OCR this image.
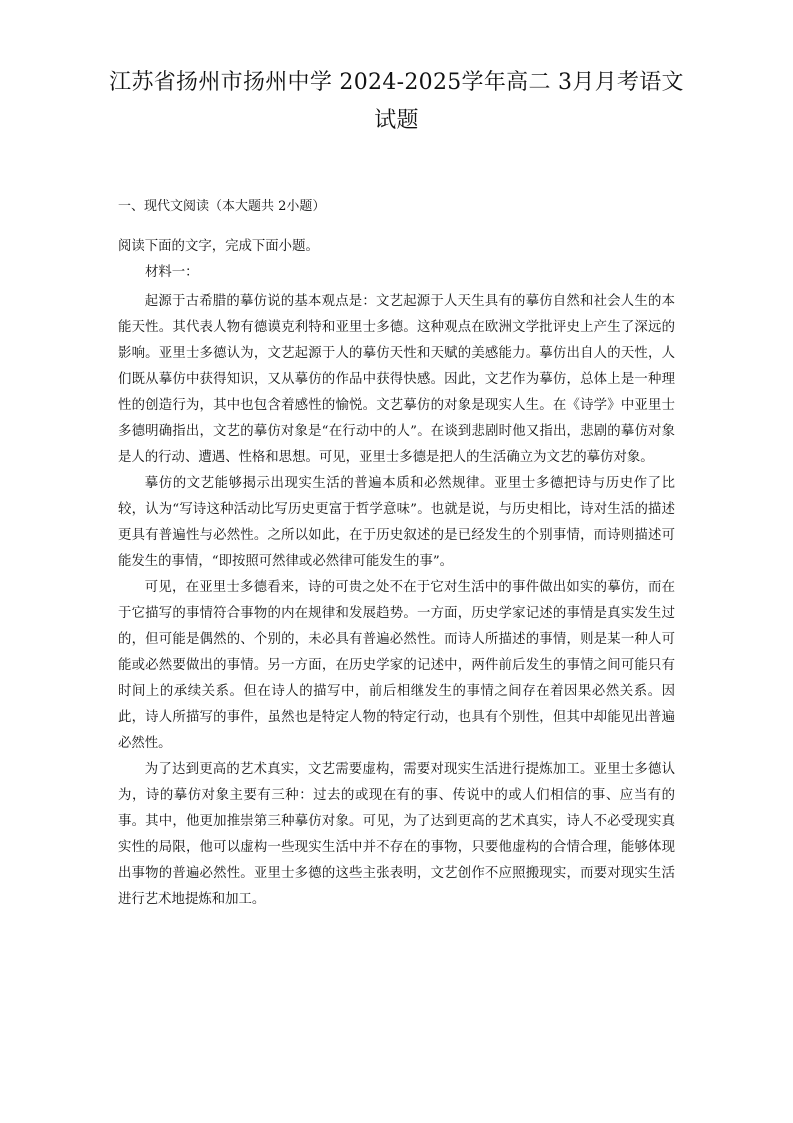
江苏省扬州市扬州中学 2024-2025学年高二 3月月考语文试题

一、现代文阅读（本大题共 2小题）

阅读下面的文字，完成下面小题。

材料一：

起源于古希腊的摹仿说的基本观点是：文艺起源于人天生具有的摹仿自然和社会人生的本能天性。其代表人物有德谟克利特和亚里士多德。这种观点在欧洲文学批评史上产生了深远的影响。亚里士多德认为，文艺起源于人的摹仿天性和天赋的美感能力。摹仿出自人的天性，人们既从摹仿中获得知识，又从摹仿的作品中获得快感。因此，文艺作为摹仿，总体上是一种理性的创造行为，其中也包含着感性的愉悦。文艺摹仿的对象是现实人生。在《诗学》中亚里士多德明确指出，文艺的摹仿对象是“在行动中的人”。在谈到悲剧时他又指出，悲剧的摹仿对象是人的行动、遭遇、性格和思想。可见，亚里士多德是把人的生活确立为文艺的摹仿对象。

摹仿的文艺能够揭示出现实生活的普遍本质和必然规律。亚里士多德把诗与历史作了比较，认为“写诗这种活动比写历史更富于哲学意味”。也就是说，与历史相比，诗对生活的描述更具有普遍性与必然性。之所以如此，在于历史叙述的是已经发生的个别事情，而诗则描述可能发生的事情，“即按照可然律或必然律可能发生的事”。

可见，在亚里士多德看来，诗的可贵之处不在于它对生活中的事件做出如实的摹仿，而在于它描写的事情符合事物的内在规律和发展趋势。一方面，历史学家记述的事情是真实发生过的，但可能是偶然的、个别的，未必具有普遍必然性。而诗人所描述的事情，则是某一种人可能或必然要做出的事情。另一方面，在历史学家的记述中，两件前后发生的事情之间可能只有时间上的承续关系。但在诗人的描写中，前后相继发生的事情之间存在着因果必然关系。因此，诗人所描写的事件，虽然也是特定人物的特定行动，也具有个别性，但其中却能见出普遍必然性。

为了达到更高的艺术真实，文艺需要虚构，需要对现实生活进行提炼加工。亚里士多德认为，诗的摹仿对象主要有三种：过去的或现在有的事、传说中的或人们相信的事、应当有的事。其中，他更加推崇第三种摹仿对象。可见，为了达到更高的艺术真实，诗人不必受现实真实性的局限，他可以虚构一些现实生活中并不存在的事物，只要他虚构的合情合理，能够体现出事物的普遍必然性。亚里士多德的这些主张表明，文艺创作不应照搬现实，而要对现实生活进行艺术地提炼和加工。
